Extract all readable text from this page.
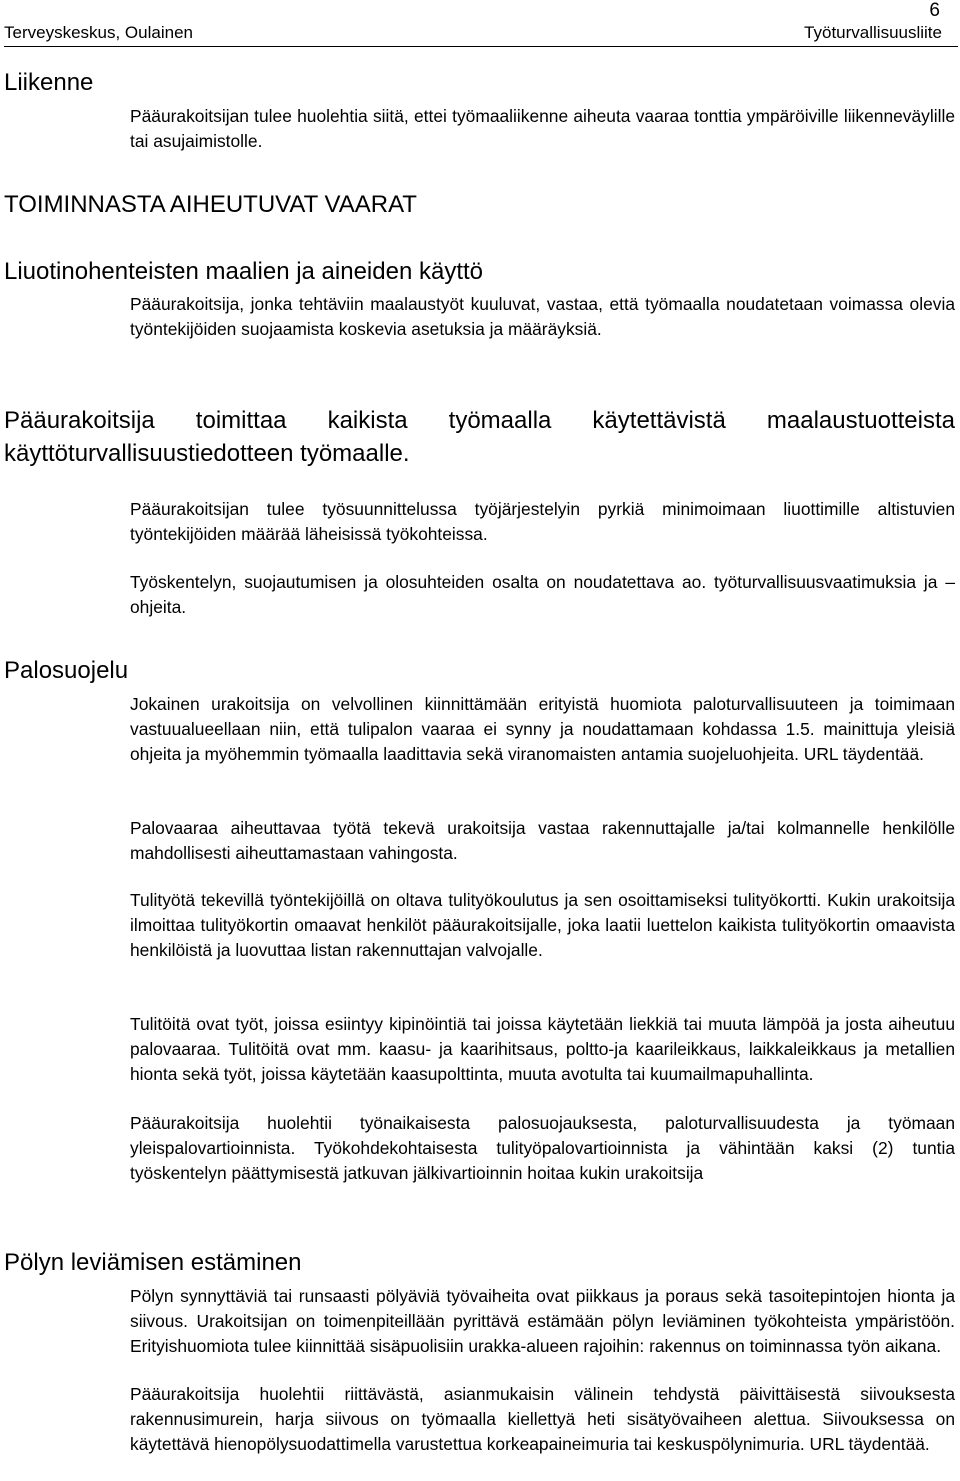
6
Terveyskeskus, Oulainen	Työturvallisuusliite
Liikenne

Pääurakoitsijan tulee huolehtia siitä, ettei työmaaliikenne aiheuta vaaraa tonttia ympäröiville liikenneväylille tai asujaimistolle.

TOIMINNASTA AIHEUTUVAT VAARAT
Liuotinohenteisten maalien ja aineiden käyttö

Pääurakoitsija, jonka tehtäviin maalaustyöt kuuluvat, vastaa, että työmaalla noudatetaan voimassa olevia työntekijöiden suojaamista koskevia asetuksia ja määräyksiä.

Pääurakoitsija toimittaa kaikista työmaalla käytettävistä maalaustuotteista käyttöturvallisuustiedotteen työmaalle.

Pääurakoitsijan tulee työsuunnittelussa työjärjestelyin pyrkiä minimoimaan liuottimille altistuvien työntekijöiden määrää läheisissä työkohteissa.

Työskentelyn, suojautumisen ja olosuhteiden osalta on noudatettava ao. työturvallisuusvaatimuksia ja –ohjeita.

Palosuojelu

Jokainen urakoitsija on velvollinen kiinnittämään erityistä huomiota paloturvallisuuteen ja toimimaan vastuualueellaan niin, että tulipalon vaaraa ei synny ja noudattamaan kohdassa 1.5. mainittuja yleisiä ohjeita ja myöhemmin työmaalla laadittavia sekä viranomaisten antamia suojeluohjeita. URL täydentää.

Palovaaraa aiheuttavaa työtä tekevä urakoitsija vastaa rakennuttajalle ja/tai kolmannelle henkilölle mahdollisesti aiheuttamastaan vahingosta.

Tulityötä tekevillä työntekijöillä on oltava tulityökoulutus ja sen osoittamiseksi tulityökortti. Kukin urakoitsija ilmoittaa tulityökortin omaavat henkilöt pääurakoitsijalle, joka laatii luettelon kaikista tulityökortin omaavista henkilöistä ja luovuttaa listan rakennuttajan valvojalle.

Tulitöitä ovat työt, joissa esiintyy kipinöintiä tai joissa käytetään liekkiä tai muuta lämpöä ja josta aiheutuu palovaaraa. Tulitöitä ovat mm. kaasu- ja kaarihitsaus, poltto-ja kaarileikkaus, laikkaleikkaus ja metallien hionta sekä työt, joissa käytetään kaasupolttinta, muuta avotulta tai kuumailmapuhallinta.

Pääurakoitsija huolehtii työnaikaisesta palosuojauksesta, paloturvallisuudesta ja työmaan yleispalovartioinnista. Työkohdekohtaisesta tulityöpalovartioinnista ja vähintään kaksi (2) tuntia työskentelyn päättymisestä jatkuvan jälkivartioinnin hoitaa kukin urakoitsija

Pölyn leviämisen estäminen

Pölyn synnyttäviä tai runsaasti pölyäviä työvaiheita ovat piikkaus ja poraus sekä tasoitepintojen hionta ja siivous. Urakoitsijan on toimenpiteillään pyrittävä estämään pölyn leviäminen työkohteista ympäristöön. Erityishuomiota tulee kiinnittää sisäpuolisiin urakka-alueen rajoihin: rakennus on toiminnassa työn aikana.

Pääurakoitsija huolehtii riittävästä, asianmukaisin välinein tehdystä päivittäisestä siivouksesta rakennusimurein, harja siivous on työmaalla kiellettyä heti sisätyövaiheen alettua. Siivouksessa on käytettävä hienopölysuodattimella varustettua korkeapaineimuria tai keskuspölynimuria. URL täydentää.
